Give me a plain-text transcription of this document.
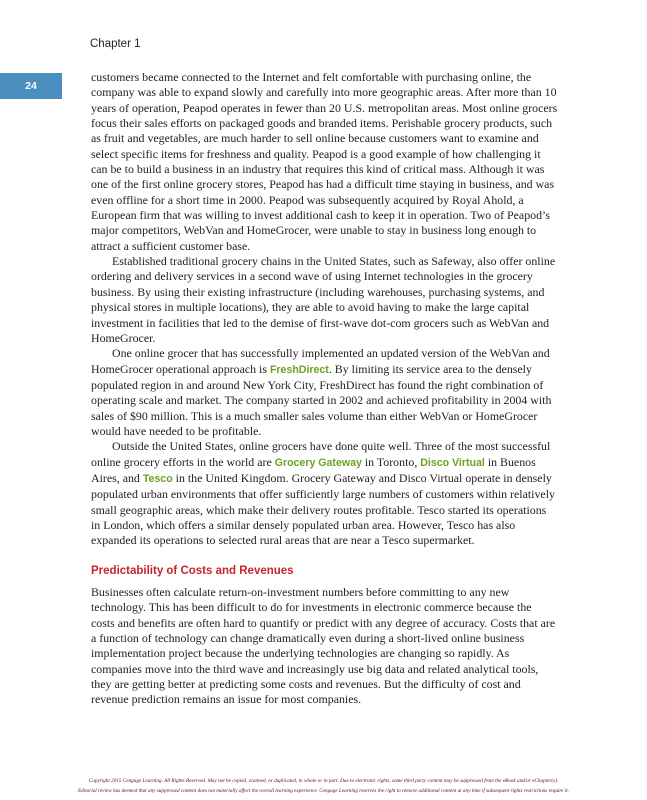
Chapter 1
24

customers became connected to the Internet and felt comfortable with purchasing online, the company was able to expand slowly and carefully into more geographic areas. After more than 10 years of operation, Peapod operates in fewer than 20 U.S. metropolitan areas. Most online grocers focus their sales efforts on packaged goods and branded items. Perishable grocery products, such as fruit and vegetables, are much harder to sell online because customers want to examine and select specific items for freshness and quality. Peapod is a good example of how challenging it can be to build a business in an industry that requires this kind of critical mass. Although it was one of the first online grocery stores, Peapod has had a difficult time staying in business, and was even offline for a short time in 2000. Peapod was subsequently acquired by Royal Ahold, a European firm that was willing to invest additional cash to keep it in operation. Two of Peapod’s major competitors, WebVan and HomeGrocer, were unable to stay in business long enough to attract a sufficient customer base.

Established traditional grocery chains in the United States, such as Safeway, also offer online ordering and delivery services in a second wave of using Internet technologies in the grocery business. By using their existing infrastructure (including warehouses, purchasing systems, and physical stores in multiple locations), they are able to avoid having to make the large capital investment in facilities that led to the demise of first-wave dot-com grocers such as WebVan and HomeGrocer.

One online grocer that has successfully implemented an updated version of the WebVan and HomeGrocer operational approach is FreshDirect. By limiting its service area to the densely populated region in and around New York City, FreshDirect has found the right combination of operating scale and market. The company started in 2002 and achieved profitability in 2004 with sales of $90 million. This is a much smaller sales volume than either WebVan or HomeGrocer would have needed to be profitable.

Outside the United States, online grocers have done quite well. Three of the most successful online grocery efforts in the world are Grocery Gateway in Toronto, Disco Virtual in Buenos Aires, and Tesco in the United Kingdom. Grocery Gateway and Disco Virtual operate in densely populated urban environments that offer sufficiently large numbers of customers within relatively small geographic areas, which make their delivery routes profitable. Tesco started its operations in London, which offers a similar densely populated urban area. However, Tesco has also expanded its operations to selected rural areas that are near a Tesco supermarket.

Predictability of Costs and Revenues

Businesses often calculate return-on-investment numbers before committing to any new technology. This has been difficult to do for investments in electronic commerce because the costs and benefits are often hard to quantify or predict with any degree of accuracy. Costs that are a function of technology can change dramatically even during a short-lived online business implementation project because the underlying technologies are changing so rapidly. As companies move into the third wave and increasingly use big data and related analytical tools, they are getting better at predicting some costs and revenues. But the difficulty of cost and revenue prediction remains an issue for most companies.

Copyright 2015 Cengage Learning. All Rights Reserved. May not be copied, scanned, or duplicated, in whole or in part. Due to electronic rights, some third party content may be suppressed from the eBook and/or eChapter(s).
Editorial review has deemed that any suppressed content does not materially affect the overall learning experience. Cengage Learning reserves the right to remove additional content at any time if subsequent rights restrictions require it.
